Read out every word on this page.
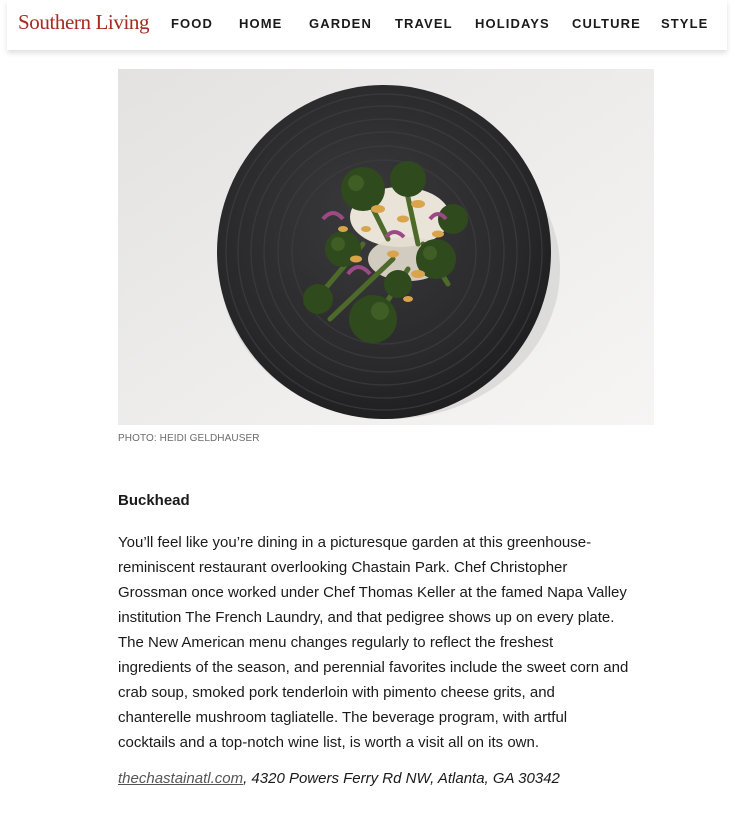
Southern Living FOOD HOME GARDEN TRAVEL HOLIDAYS CULTURE STYLE
PHOTO: HEIDI GELDHAUSER
Buckhead
You’ll feel like you’re dining in a picturesque garden at this greenhouse-
reminiscent restaurant overlooking Chastain Park. Chef Christopher
Grossman once worked under Chef Thomas Keller at the famed Napa Valley
institution The French Laundry, and that pedigree shows up on every plate.
The New American menu changes regularly to reflect the freshest
ingredients of the season, and perennial favorites include the sweet corn and
crab soup, smoked pork tenderloin with pimento cheese grits, and
chanterelle mushroom tagliatelle. The beverage program, with artful
cocktails and a top-notch wine list, is worth a visit all on its own.
thechastainatl.com, 4320 Powers Ferry Rd NW, Atlanta, GA 30342
